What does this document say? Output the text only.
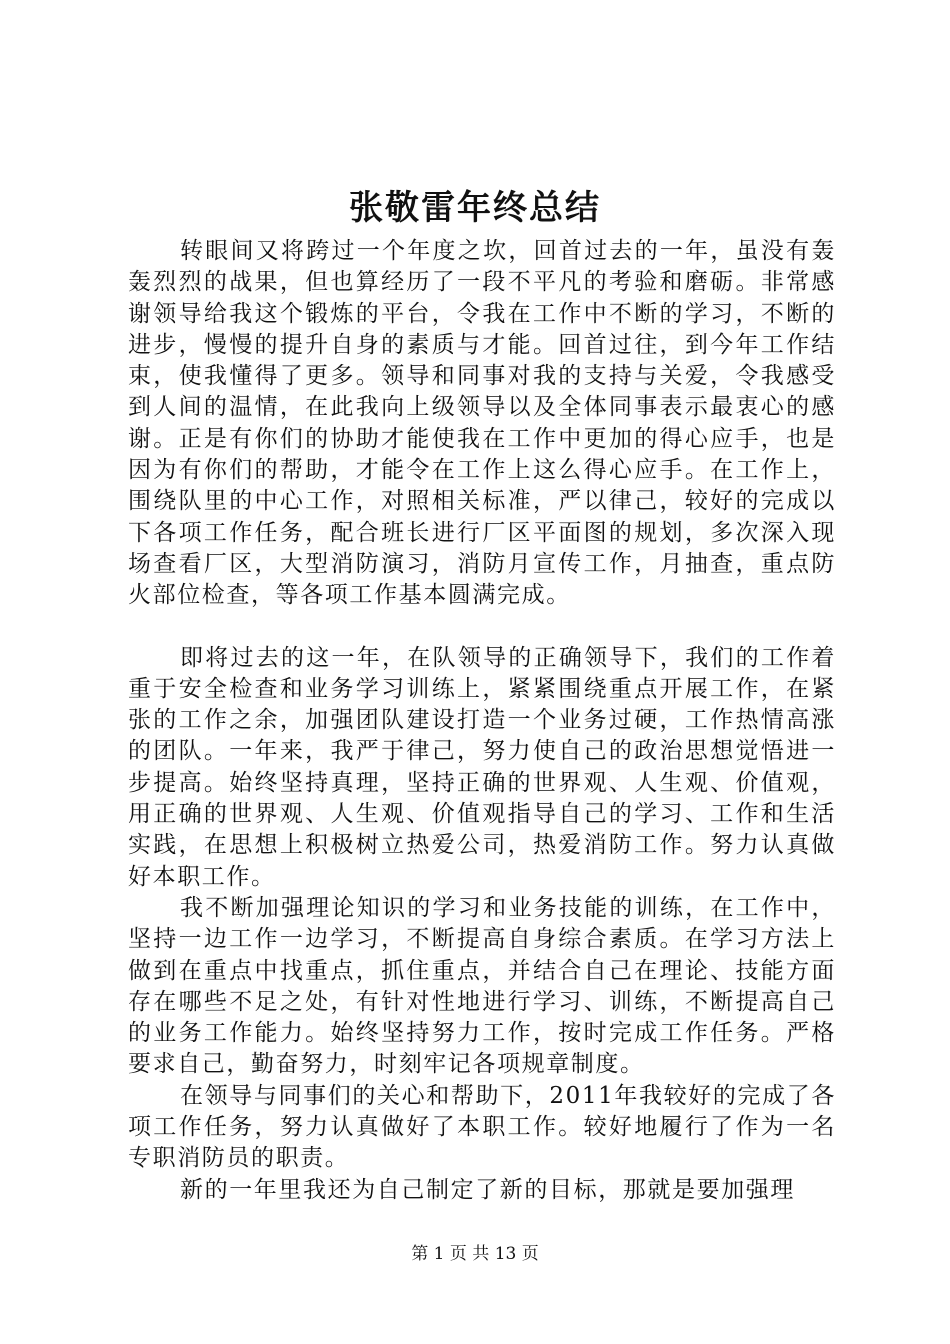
张敬雷年终总结

转眼间又将跨过一个年度之坎，回首过去的一年，虽没有轰轰烈烈的战果，但也算经历了一段不平凡的考验和磨砺。非常感谢领导给我这个锻炼的平台，令我在工作中不断的学习，不断的进步，慢慢的提升自身的素质与才能。回首过往，到今年工作结束，使我懂得了更多。领导和同事对我的支持与关爱，令我感受到人间的温情，在此我向上级领导以及全体同事表示最衷心的感谢。正是有你们的协助才能使我在工作中更加的得心应手，也是因为有你们的帮助，才能令在工作上这么得心应手。在工作上，围绕队里的中心工作，对照相关标准，严以律己，较好的完成以下各项工作任务，配合班长进行厂区平面图的规划，多次深入现场查看厂区，大型消防演习，消防月宣传工作，月抽查，重点防火部位检查，等各项工作基本圆满完成。

即将过去的这一年，在队领导的正确领导下，我们的工作着重于安全检查和业务学习训练上，紧紧围绕重点开展工作，在紧张的工作之余，加强团队建设打造一个业务过硬，工作热情高涨的团队。一年来，我严于律己，努力使自己的政治思想觉悟进一步提高。始终坚持真理，坚持正确的世界观、人生观、价值观，用正确的世界观、人生观、价值观指导自己的学习、工作和生活实践，在思想上积极树立热爱公司，热爱消防工作。努力认真做好本职工作。

我不断加强理论知识的学习和业务技能的训练，在工作中，坚持一边工作一边学习，不断提高自身综合素质。在学习方法上做到在重点中找重点，抓住重点，并结合自己在理论、技能方面存在哪些不足之处，有针对性地进行学习、训练，不断提高自己的业务工作能力。始终坚持努力工作，按时完成工作任务。严格要求自己，勤奋努力，时刻牢记各项规章制度。

在领导与同事们的关心和帮助下，2011年我较好的完成了各项工作任务，努力认真做好了本职工作。较好地履行了作为一名专职消防员的职责。

新的一年里我还为自己制定了新的目标，那就是要加强理

第 1 页 共 13 页
